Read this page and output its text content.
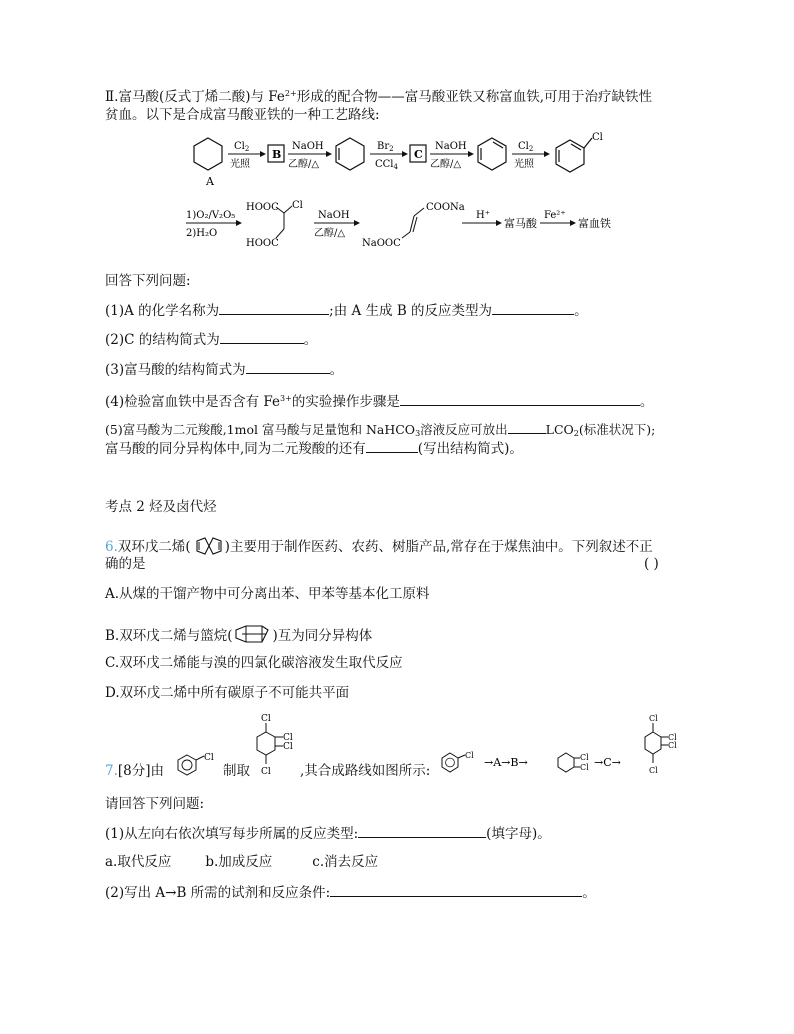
Ⅱ.富马酸(反式丁烯二酸)与 $Fe^{2+}$形成的配合物——富马酸亚铁又称富血铁,可用于治疗缺铁性
贫血。以下是合成富马酸亚铁的一种工艺路线:
A
$Cl_2$
光照
B
NaOH
乙醇/△
$Br_2$
CCl$_4$
C
NaOH
乙醇/△
$Cl_2$
光照
Cl
1)O₂/V₂O₅
2)H₂O
HOOC Cl
HOOC
NaOH
乙醇/△
COONa
NaOOC
H⁺
富马酸
Fe²⁺
富血铁
回答下列问题:
(1)A 的化学名称为	;由 A 生成 B 的反应类型为	。
(2)C 的结构简式为	。
(3)富马酸的结构简式为	。
(4)检验富血铁中是否含有 $Fe^{3+}$的实验操作步骤是	。
(5)富马酸为二元羧酸,1mol 富马酸与足量饱和 NaHCO$_3$溶液反应可放出	$LCO_2$(标准状况下);
富马酸的同分异构体中,同为二元羧酸的还有	(写出结构简式)。
考点 2 烃及卤代烃
6.双环戊二烯(	)主要用于制作医药、农药、树脂产品,常存在于煤焦油中。下列叙述不正
确的是	( )
A.从煤的干馏产物中可分离出苯、甲苯等基本化工原料
B.双环戊二烯与篮烷(	)互为同分异构体
C.双环戊二烯能与溴的四氯化碳溶液发生取代反应
D.双环戊二烯中所有碳原子不可能共平面
7.[8分]由
Cl
制取
Cl
Cl
Cl
Cl ,其合成路线如图所示:
Cl
→A→B→	Cl
Cl →C→
Cl
Cl
Cl
Cl
请回答下列问题:
(1)从左向右依次填写每步所属的反应类型:	(填字母)。
a.取代反应	b.加成反应	c.消去反应
(2)写出 A→B 所需的试剂和反应条件:	。
